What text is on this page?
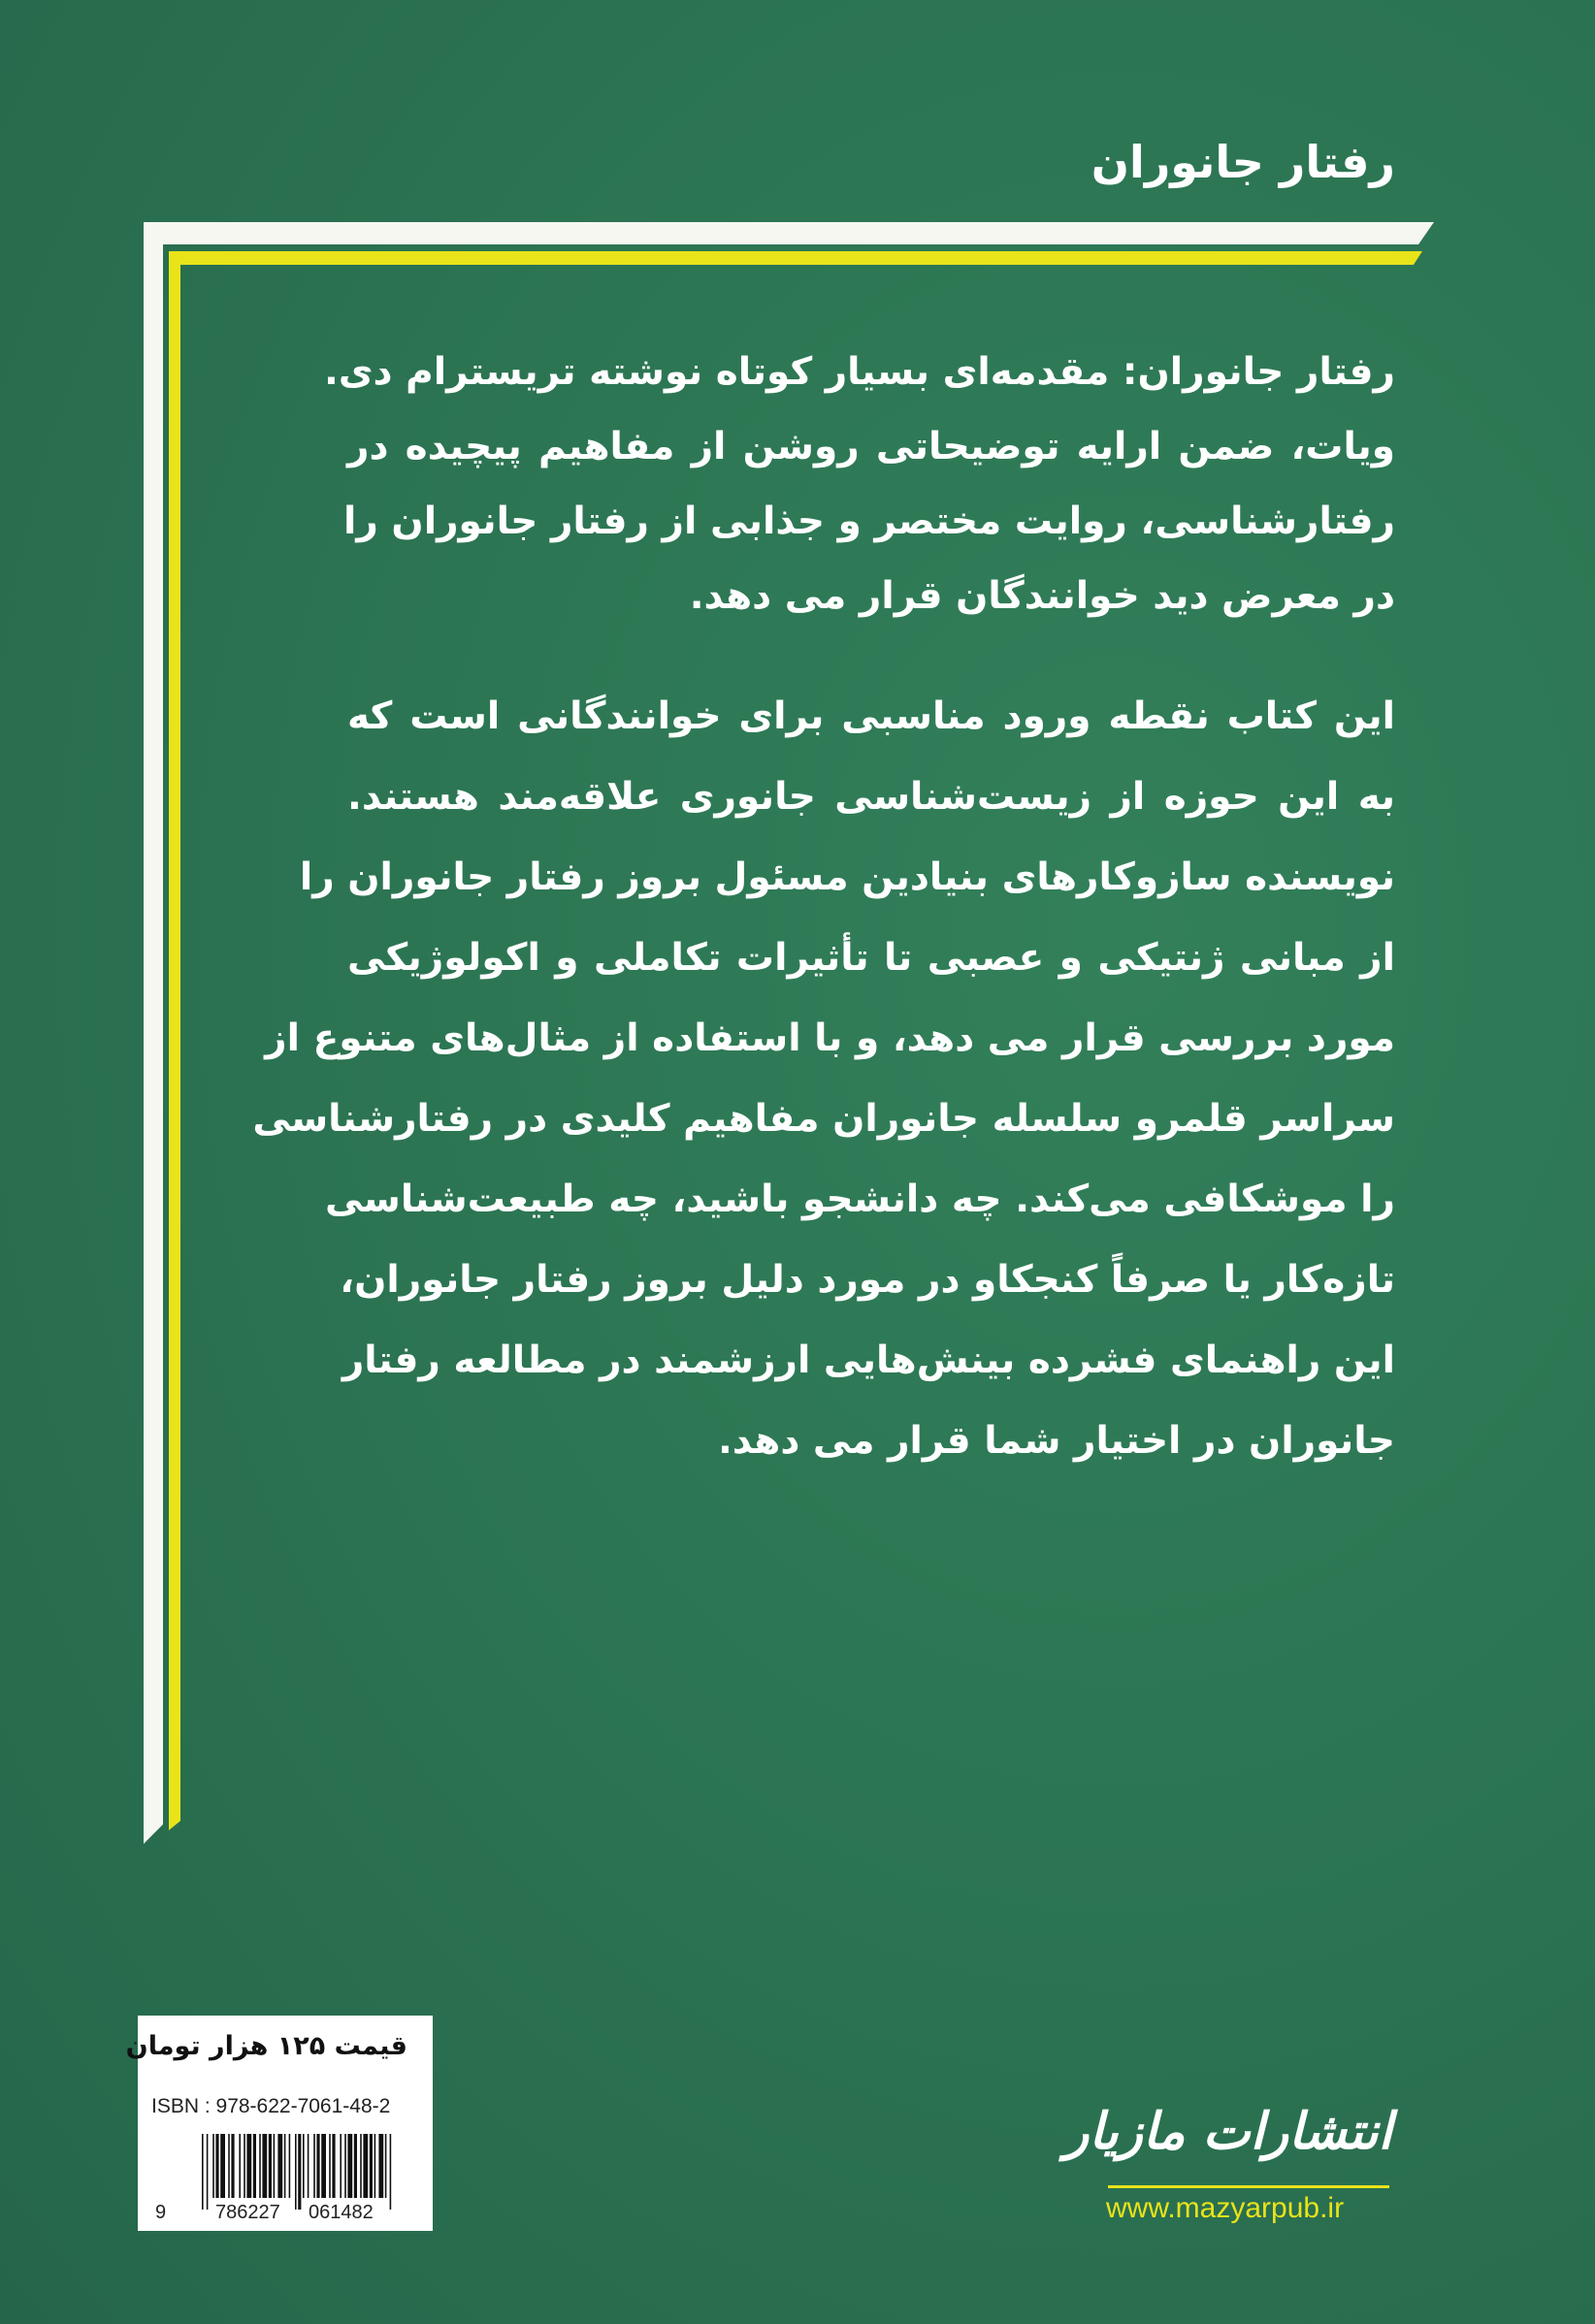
رفتار جانوران
رفتار جانوران: مقدمه‌ای بسیار کوتاه نوشته تریسترام دی.
ویات، ضمن ارایه توضیحاتی روشن از مفاهیم پیچیده در
رفتارشناسی، روایت مختصر و جذابی از رفتار جانوران را
در معرض دید خوانندگان قرار می دهد.
این کتاب نقطه ورود مناسبی برای خوانندگانی است که
به این حوزه از زیست‌شناسی جانوری علاقه‌مند هستند.
نویسنده سازوکارهای بنیادین مسئول بروز رفتار جانوران را
از مبانی ژنتیکی و عصبی تا تأثیرات تکاملی و اکولوژیکی
مورد بررسی قرار می دهد، و با استفاده از مثال‌های متنوع از
سراسر قلمرو سلسله جانوران مفاهیم کلیدی در رفتارشناسی
را موشکافی می‌کند. چه دانشجو باشید، چه طبیعت‌شناسی
تازه‌کار یا صرفاً کنجکاو در مورد دلیل بروز رفتار جانوران،
این راهنمای فشرده بینش‌هایی ارزشمند در مطالعه رفتار
جانوران در اختیار شما قرار می دهد.
قیمت ۱۲۵ هزار تومان
ISBN : 978-622-7061-48-2
9	786227 061482
انتشارات مازیار
www.mazyarpub.ir
